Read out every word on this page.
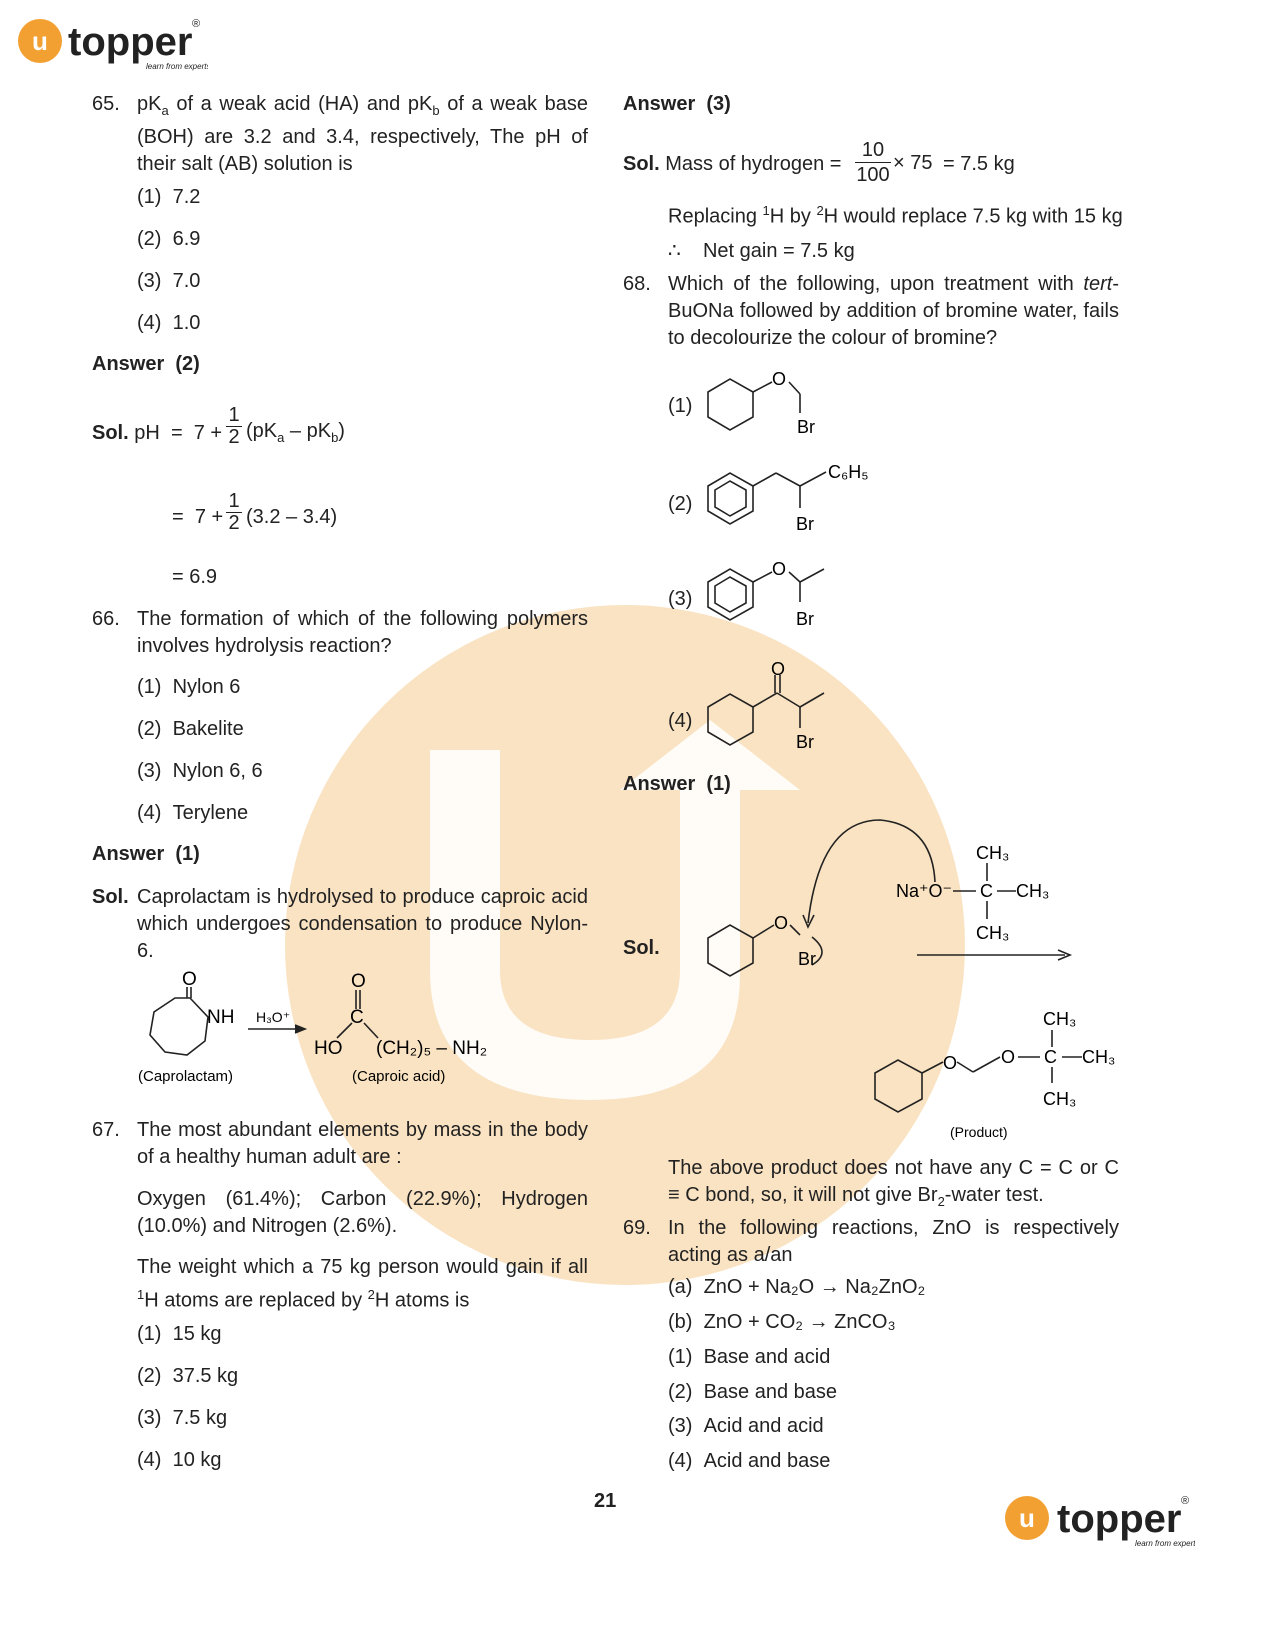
u topper ®
learn from experts
65. $pK_a$ of a weak acid (HA) and $pK_b$ of a weak base (BOH) are 3.2 and 3.4, respectively, The pH of their salt (AB) solution is
(1) 7.2
(2) 6.9
(3) 7.0
(4) 1.0
Answer (2)
Sol. pH = 7 +
1
2 $(pK_a - pK_b)$
= 7 +
1
2 (3.2 – 3.4)
= 6.9
66. The formation of which of the following polymers involves hydrolysis reaction?
(1) Nylon 6
(2) Bakelite
(3) Nylon 6, 6
(4) Terylene
Answer (1)
Sol. Caprolactam is hydrolysed to produce caproic acid which undergoes condensation to produce Nylon-6.
O
NH H₃O⁺
O
C
HO (CH₂)₅ – NH₂
(Caprolactam)	(Caproic acid)
67. The most abundant elements by mass in the body of a healthy human adult are :
Oxygen (61.4%); Carbon (22.9%); Hydrogen (10.0%) and Nitrogen (2.6%).
The weight which a 75 kg person would gain if all $^1$H atoms are replaced by $^2$H atoms is
(1) 15 kg
(2) 37.5 kg
(3) 7.5 kg
(4) 10 kg
Answer (3)
Sol. Mass of hydrogen =
10
100
× 75 = 7.5 kg
Replacing $^1$H by $^2$H would replace 7.5 kg with 15 kg
∴ Net gain = 7.5 kg
68. Which of the following, upon treatment with tert-BuONa followed by addition of bromine water, fails to decolourize the colour of bromine?
(1)
O
Br
(2)
C₆H₅
Br
(3)
O
Br
(4)
O
Br
Answer (1)
Sol.
O
Br
Na⁺O⁻
CH₃
C CH₃
CH₃
O O
CH₃
C CH₃
CH₃
(Product)
The above product does not have any C = C or C ≡ C bond, so, it will not give $Br_2$-water test.
69. In the following reactions, ZnO is respectively acting as a/an
(a) ZnO + Na₂O → Na₂ZnO₂
(b) ZnO + CO₂ → ZnCO₃
(1) Base and acid
(2) Base and base
(3) Acid and acid
(4) Acid and base
21
u topper ®
learn from experts
